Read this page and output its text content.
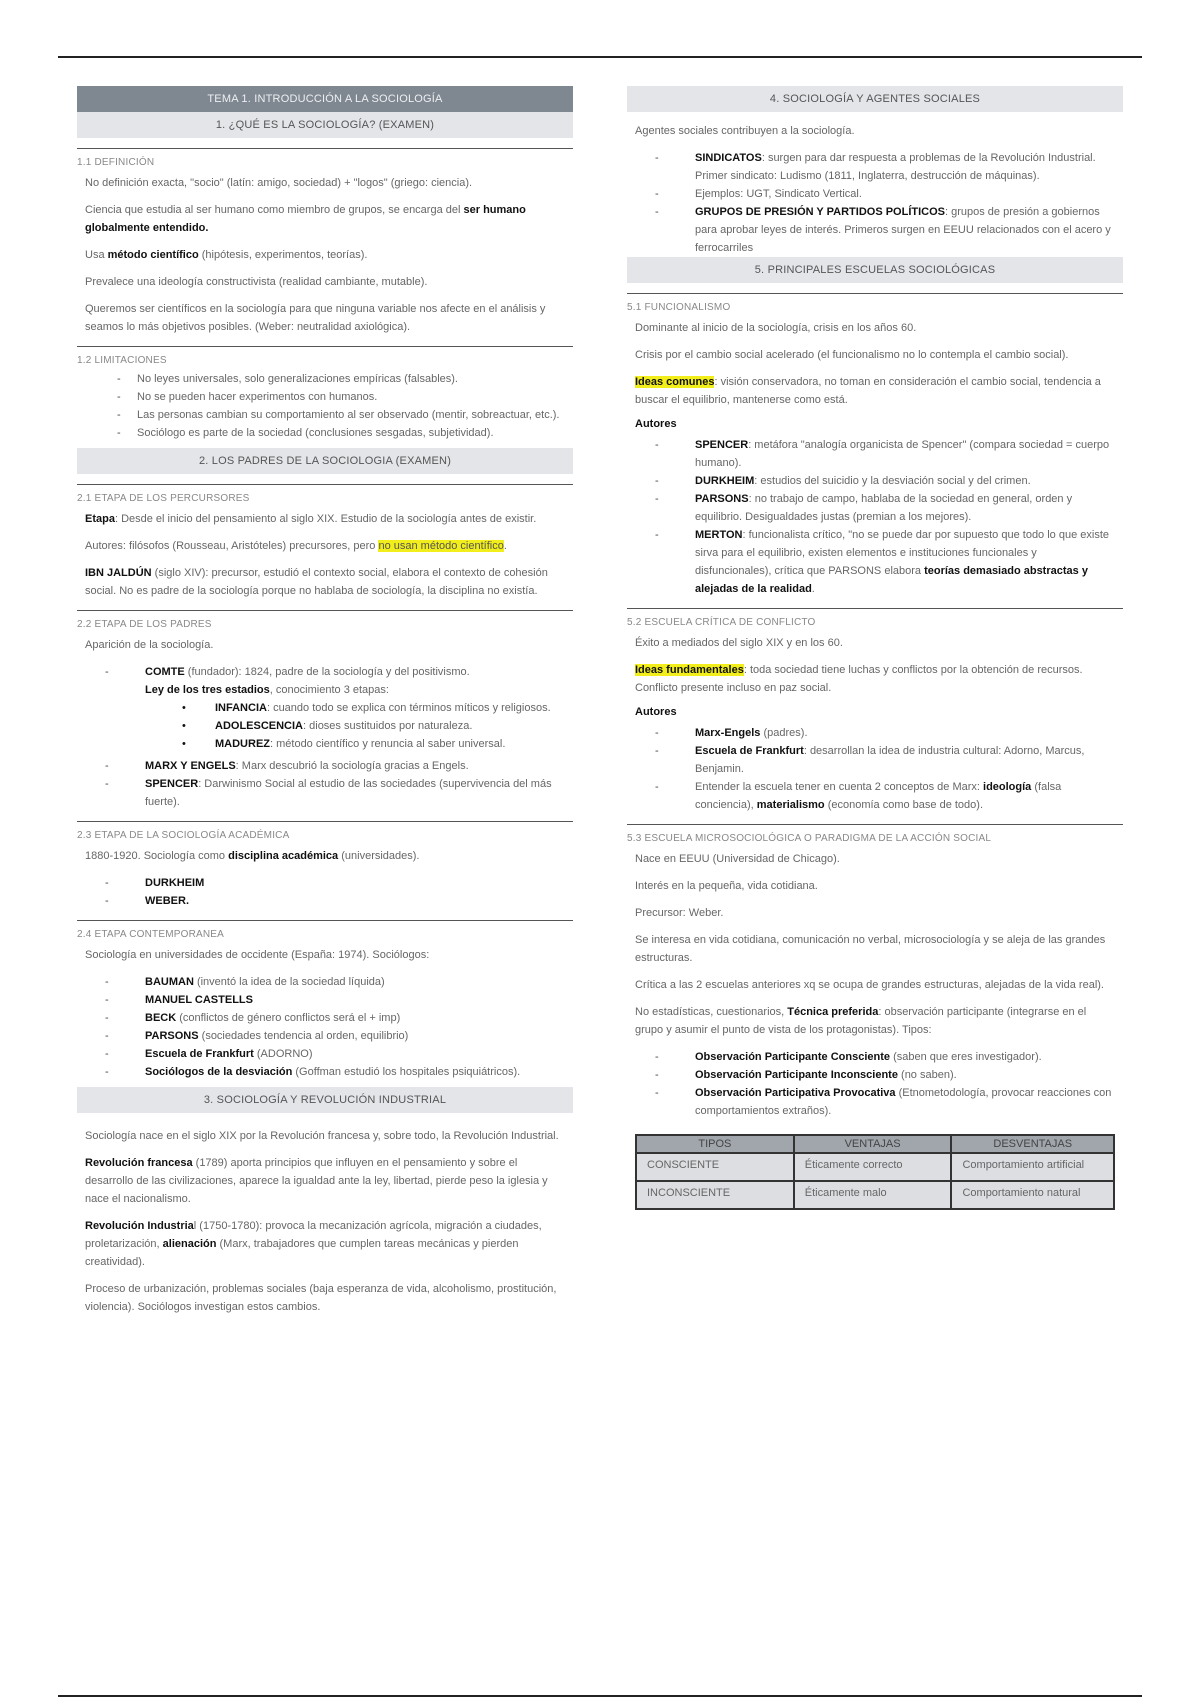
TEMA 1. INTRODUCCIÓN A LA SOCIOLOGÍA
1. ¿QUÉ ES LA SOCIOLOGÍA? (EXAMEN)
1.1 DEFINICIÓN

No definición exacta, "socio" (latín: amigo, sociedad) + "logos" (griego: ciencia).

Ciencia que estudia al ser humano como miembro de grupos, se encarga del ser humano globalmente entendido.

Usa método científico (hipótesis, experimentos, teorías).

Prevalece una ideología constructivista (realidad cambiante, mutable).

Queremos ser científicos en la sociología para que ninguna variable nos afecte en el análisis y seamos lo más objetivos posibles. (Weber: neutralidad axiológica).

1.2 LIMITACIONES
- No leyes universales, solo generalizaciones empíricas (falsables).
- No se pueden hacer experimentos con humanos.
- Las personas cambian su comportamiento al ser observado (mentir, sobreactuar, etc.).
- Sociólogo es parte de la sociedad (conclusiones sesgadas, subjetividad).
2. LOS PADRES DE LA SOCIOLOGIA (EXAMEN)
2.1 ETAPA DE LOS PERCURSORES

Etapa: Desde el inicio del pensamiento al siglo XIX. Estudio de la sociología antes de existir.

Autores: filósofos (Rousseau, Aristóteles) precursores, pero no usan método científico.

IBN JALDÚN (siglo XIV): precursor, estudió el contexto social, elabora el contexto de cohesión social. No es padre de la sociología porque no hablaba de sociología, la disciplina no existía.

2.2 ETAPA DE LOS PADRES

Aparición de la sociología.

- COMTE (fundador): 1824, padre de la sociología y del positivismo.
Ley de los tres estadios, conocimiento 3 etapas:
• INFANCIA: cuando todo se explica con términos míticos y religiosos.
• ADOLESCENCIA: dioses sustituidos por naturaleza.
• MADUREZ: método científico y renuncia al saber universal.
- MARX Y ENGELS: Marx descubrió la sociología gracias a Engels.
- SPENCER: Darwinismo Social al estudio de las sociedades (supervivencia del más fuerte).
2.3 ETAPA DE LA SOCIOLOGÍA ACADÉMICA

1880-1920. Sociología como disciplina académica (universidades).

- DURKHEIM
- WEBER.
2.4 ETAPA CONTEMPORANEA

Sociología en universidades de occidente (España: 1974). Sociólogos:

- BAUMAN (inventó la idea de la sociedad líquida)
- MANUEL CASTELLS
- BECK (conflictos de género conflictos será el + imp)
- PARSONS (sociedades tendencia al orden, equilibrio)
- Escuela de Frankfurt (ADORNO)
- Sociólogos de la desviación (Goffman estudió los hospitales psiquiátricos).
3. SOCIOLOGÍA Y REVOLUCIÓN INDUSTRIAL

Sociología nace en el siglo XIX por la Revolución francesa y, sobre todo, la Revolución Industrial.

Revolución francesa (1789) aporta principios que influyen en el pensamiento y sobre el desarrollo de las civilizaciones, aparece la igualdad ante la ley, libertad, pierde peso la iglesia y nace el nacionalismo.

Revolución Industrial (1750-1780): provoca la mecanización agrícola, migración a ciudades, proletarización, alienación (Marx, trabajadores que cumplen tareas mecánicas y pierden creatividad).

Proceso de urbanización, problemas sociales (baja esperanza de vida, alcoholismo, prostitución, violencia). Sociólogos investigan estos cambios.

4. SOCIOLOGÍA Y AGENTES SOCIALES

Agentes sociales contribuyen a la sociología.

- SINDICATOS: surgen para dar respuesta a problemas de la Revolución Industrial. Primer sindicato: Ludismo (1811, Inglaterra, destrucción de máquinas).
- Ejemplos: UGT, Sindicato Vertical.
- GRUPOS DE PRESIÓN Y PARTIDOS POLÍTICOS: grupos de presión a gobiernos para aprobar leyes de interés. Primeros surgen en EEUU relacionados con el acero y ferrocarriles
5. PRINCIPALES ESCUELAS SOCIOLÓGICAS
5.1 FUNCIONALISMO

Dominante al inicio de la sociología, crisis en los años 60.

Crisis por el cambio social acelerado (el funcionalismo no lo contempla el cambio social).

Ideas comunes: visión conservadora, no toman en consideración el cambio social, tendencia a buscar el equilibrio, mantenerse como está.

Autores
- SPENCER: metáfora "analogía organicista de Spencer" (compara sociedad = cuerpo humano).
- DURKHEIM: estudios del suicidio y la desviación social y del crimen.
- PARSONS: no trabajo de campo, hablaba de la sociedad en general, orden y equilibrio. Desigualdades justas (premian a los mejores).
- MERTON: funcionalista crítico, "no se puede dar por supuesto que todo lo que existe sirva para el equilibrio, existen elementos e instituciones funcionales y disfuncionales), crítica que PARSONS elabora teorías demasiado abstractas y alejadas de la realidad.
5.2 ESCUELA CRÍTICA DE CONFLICTO

Éxito a mediados del siglo XIX y en los 60.

Ideas fundamentales: toda sociedad tiene luchas y conflictos por la obtención de recursos. Conflicto presente incluso en paz social.

Autores
- Marx-Engels (padres).
- Escuela de Frankfurt: desarrollan la idea de industria cultural: Adorno, Marcus, Benjamin.
- Entender la escuela tener en cuenta 2 conceptos de Marx: ideología (falsa conciencia), materialismo (economía como base de todo).
5.3 ESCUELA MICROSOCIOLÓGICA O PARADIGMA DE LA ACCIÓN SOCIAL

Nace en EEUU (Universidad de Chicago).

Interés en la pequeña, vida cotidiana.

Precursor: Weber.

Se interesa en vida cotidiana, comunicación no verbal, microsociología y se aleja de las grandes estructuras.

Crítica a las 2 escuelas anteriores xq se ocupa de grandes estructuras, alejadas de la vida real).

No estadísticas, cuestionarios, Técnica preferida: observación participante (integrarse en el grupo y asumir el punto de vista de los protagonistas). Tipos:

- Observación Participante Consciente (saben que eres investigador).
- Observación Participante Inconsciente (no saben).
- Observación Participativa Provocativa (Etnometodología, provocar reacciones con comportamientos extraños).
TIPOS	VENTAJAS	DESVENTAJAS
CONSCIENTE	Éticamente correcto	Comportamiento artificial
INCONSCIENTE	Éticamente malo	Comportamiento natural
